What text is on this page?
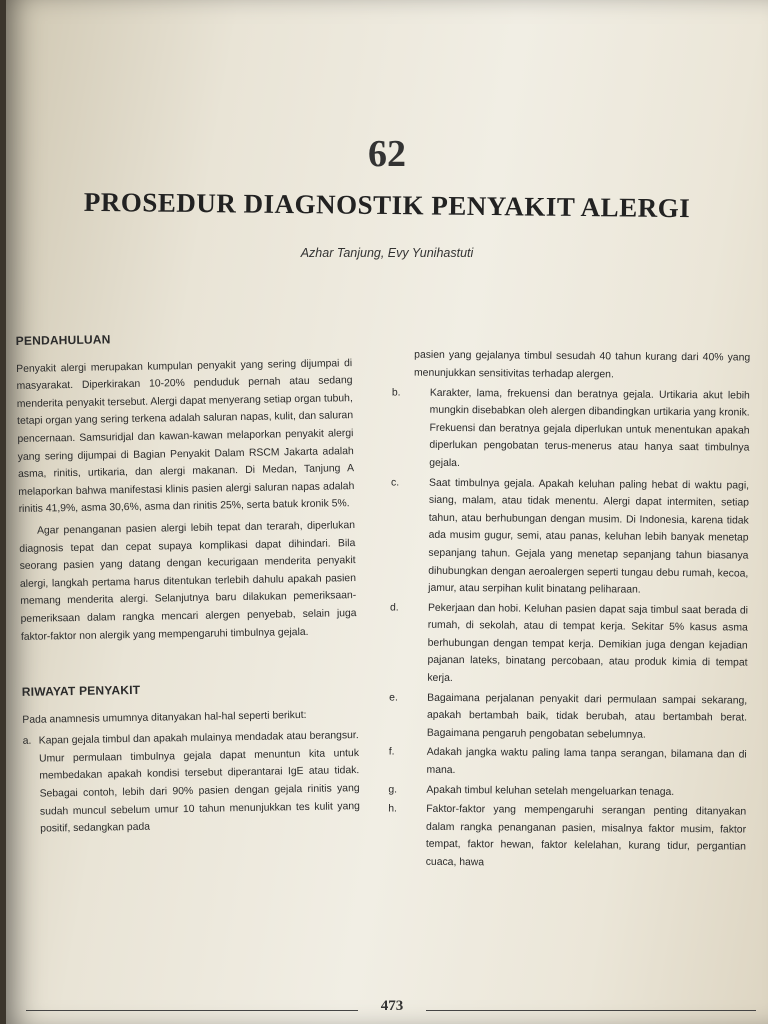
62
PROSEDUR DIAGNOSTIK PENYAKIT ALERGI
Azhar Tanjung, Evy Yunihastuti
PENDAHULUAN

Penyakit alergi merupakan kumpulan penyakit yang sering dijumpai di masyarakat. Diperkirakan 10-20% penduduk pernah atau sedang menderita penyakit tersebut. Alergi dapat menyerang setiap organ tubuh, tetapi organ yang sering terkena adalah saluran napas, kulit, dan saluran pencernaan. Samsuridjal dan kawan-kawan melaporkan penyakit alergi yang sering dijumpai di Bagian Penyakit Dalam RSCM Jakarta adalah asma, rinitis, urtikaria, dan alergi makanan. Di Medan, Tanjung A melaporkan bahwa manifestasi klinis pasien alergi saluran napas adalah rinitis 41,9%, asma 30,6%, asma dan rinitis 25%, serta batuk kronik 5%.

Agar penanganan pasien alergi lebih tepat dan terarah, diperlukan diagnosis tepat dan cepat supaya komplikasi dapat dihindari. Bila seorang pasien yang datang dengan kecurigaan menderita penyakit alergi, langkah pertama harus ditentukan terlebih dahulu apakah pasien memang menderita alergi. Selanjutnya baru dilakukan pemeriksaan-pemeriksaan dalam rangka mencari alergen penyebab, selain juga faktor-faktor non alergik yang mempengaruhi timbulnya gejala.

RIWAYAT PENYAKIT

Pada anamnesis umumnya ditanyakan hal-hal seperti berikut:

a. Kapan gejala timbul dan apakah mulainya mendadak atau berangsur. Umur permulaan timbulnya gejala dapat menuntun kita untuk membedakan apakah kondisi tersebut diperantarai IgE atau tidak. Sebagai contoh, lebih dari 90% pasien dengan gejala rinitis yang sudah muncul sebelum umur 10 tahun menunjukkan tes kulit yang positif, sedangkan pada

pasien yang gejalanya timbul sesudah 40 tahun kurang dari 40% yang menunjukkan sensitivitas terhadap alergen.

b.	Karakter, lama, frekuensi dan beratnya gejala. Urtikaria akut lebih mungkin disebabkan oleh alergen dibandingkan urtikaria yang kronik. Frekuensi dan beratnya gejala diperlukan untuk menentukan apakah diperlukan pengobatan terus-menerus atau hanya saat timbulnya gejala.
c.	Saat timbulnya gejala. Apakah keluhan paling hebat di waktu pagi, siang, malam, atau tidak menentu. Alergi dapat intermiten, setiap tahun, atau berhubungan dengan musim. Di Indonesia, karena tidak ada musim gugur, semi, atau panas, keluhan lebih banyak menetap sepanjang tahun. Gejala yang menetap sepanjang tahun biasanya dihubungkan dengan aeroalergen seperti tungau debu rumah, kecoa, jamur, atau serpihan kulit binatang peliharaan.
d.	Pekerjaan dan hobi. Keluhan pasien dapat saja timbul saat berada di rumah, di sekolah, atau di tempat kerja. Sekitar 5% kasus asma berhubungan dengan tempat kerja. Demikian juga dengan kejadian pajanan lateks, binatang percobaan, atau produk kimia di tempat kerja.
e.	Bagaimana perjalanan penyakit dari permulaan sampai sekarang, apakah bertambah baik, tidak berubah, atau bertambah berat. Bagaimana pengaruh pengobatan sebelumnya.
f.	Adakah jangka waktu paling lama tanpa serangan, bilamana dan di mana.
g.	Apakah timbul keluhan setelah mengeluarkan tenaga.
h.	Faktor-faktor yang mempengaruhi serangan penting ditanyakan dalam rangka penanganan pasien, misalnya faktor musim, faktor tempat, faktor hewan, faktor kelelahan, kurang tidur, pergantian cuaca, hawa
473
